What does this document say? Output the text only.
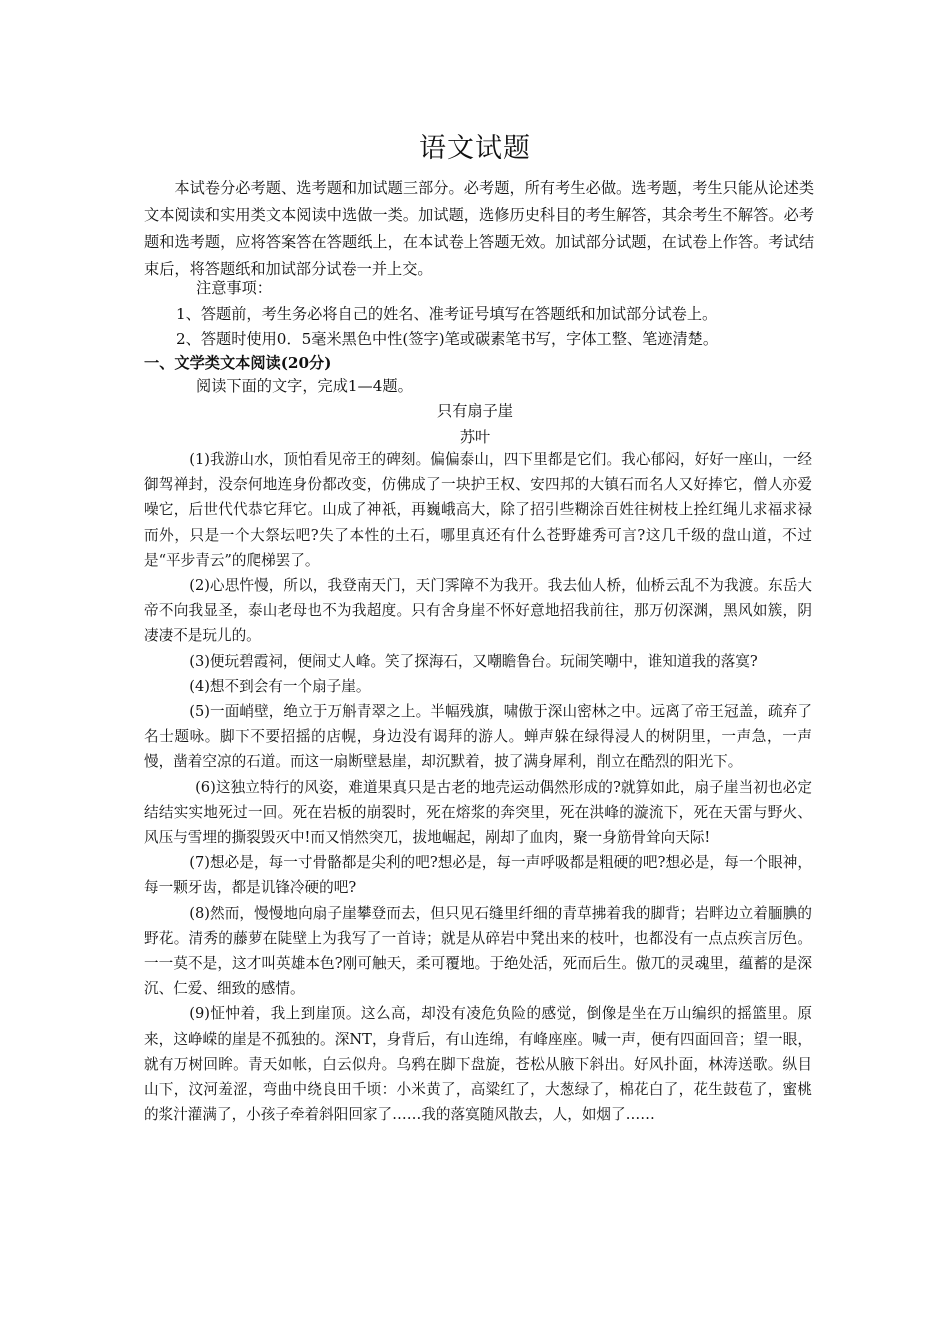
语文试题

本试卷分必考题、选考题和加试题三部分。必考题，所有考生必做。选考题，考生只能从论述类文本阅读和实用类文本阅读中选做一类。加试题，选修历史科目的考生解答，其余考生不解答。必考题和选考题，应将答案答在答题纸上，在本试卷上答题无效。加试部分试题，在试卷上作答。考试结束后，将答题纸和加试部分试卷一并上交。

注意事项：
1、答题前，考生务必将自己的姓名、准考证号填写在答题纸和加试部分试卷上。
2、答题时使用0．5毫米黑色中性(签字)笔或碳素笔书写，字体工整、笔迹清楚。
一、文学类文本阅读(20分)
阅读下面的文字，完成1—4题。
只有扇子崖
苏叶

(1)我游山水，顶怕看见帝王的碑刻。偏偏泰山，四下里都是它们。我心郁闷，好好一座山，一经御驾禅封，没奈何地连身份都改变，仿佛成了一块护王权、安四邦的大镇石而名人又好捧它，僧人亦爱噪它，后世代代恭它拜它。山成了神祇，再巍峨高大，除了招引些糊涂百姓往树枝上拴红绳儿求福求禄而外，只是一个大祭坛吧?失了本性的土石，哪里真还有什么苍野雄秀可言?这几千级的盘山道，不过是“平步青云”的爬梯罢了。

(2)心思忤慢，所以，我登南天门，天门霁障不为我开。我去仙人桥，仙桥云乱不为我渡。东岳大帝不向我显圣，泰山老母也不为我超度。只有舍身崖不怀好意地招我前往，那万仞深渊，黑风如簇，阴凄凄不是玩儿的。

(3)便玩碧霞祠，便闹丈人峰。笑了探海石，又嘲瞻鲁台。玩闹笑嘲中，谁知道我的落寞?

(4)想不到会有一个扇子崖。

(5)一面峭壁，绝立于万斛青翠之上。半幅残旗，啸傲于深山密林之中。远离了帝王冠盖，疏弃了名士题咏。脚下不要招摇的店幌，身边没有谒拜的游人。蝉声躲在绿得浸人的树阴里，一声急，一声慢，凿着空凉的石道。而这一扇断壁悬崖，却沉默着，披了满身犀利，削立在酷烈的阳光下。

(6)这独立特行的风姿，难道果真只是古老的地壳运动偶然形成的?就算如此，扇子崖当初也必定结结实实地死过一回。死在岩板的崩裂时，死在熔浆的奔突里，死在洪峰的漩流下，死在天雷与野火、风压与雪埋的撕裂毁灭中!而又悄然突兀，拔地崛起，剐却了血肉，聚一身筋骨耸向天际!

(7)想必是，每一寸骨骼都是尖利的吧?想必是，每一声呼吸都是粗硬的吧?想必是，每一个眼神，每一颗牙齿，都是讥锋冷硬的吧?

(8)然而，慢慢地向扇子崖攀登而去，但只见石缝里纤细的青草拂着我的脚背；岩畔边立着腼腆的野花。清秀的藤萝在陡壁上为我写了一首诗；就是从碎岩中凳出来的枝叶，也都没有一点点疾言厉色。一一莫不是，这才叫英雄本色?刚可触天，柔可覆地。于绝处活，死而后生。傲兀的灵魂里，蕴蓄的是深沉、仁爱、细致的感情。

(9)怔忡着，我上到崖顶。这么高，却没有凌危负险的感觉，倒像是坐在万山编织的摇篮里。原来，这峥嵘的崖是不孤独的。深NT，身背后，有山连绵，有峰座座。喊一声，便有四面回音；望一眼，就有万树回眸。青天如帐，白云似舟。乌鸦在脚下盘旋，苍松从腋下斜出。好风扑面，林涛送歌。纵目山下，汶河羞涩，弯曲中绕良田千顷：小米黄了，高粱红了，大葱绿了，棉花白了，花生鼓苞了，蜜桃的浆汁灌满了，小孩子牵着斜阳回家了……我的落寞随风散去，人，如烟了……
